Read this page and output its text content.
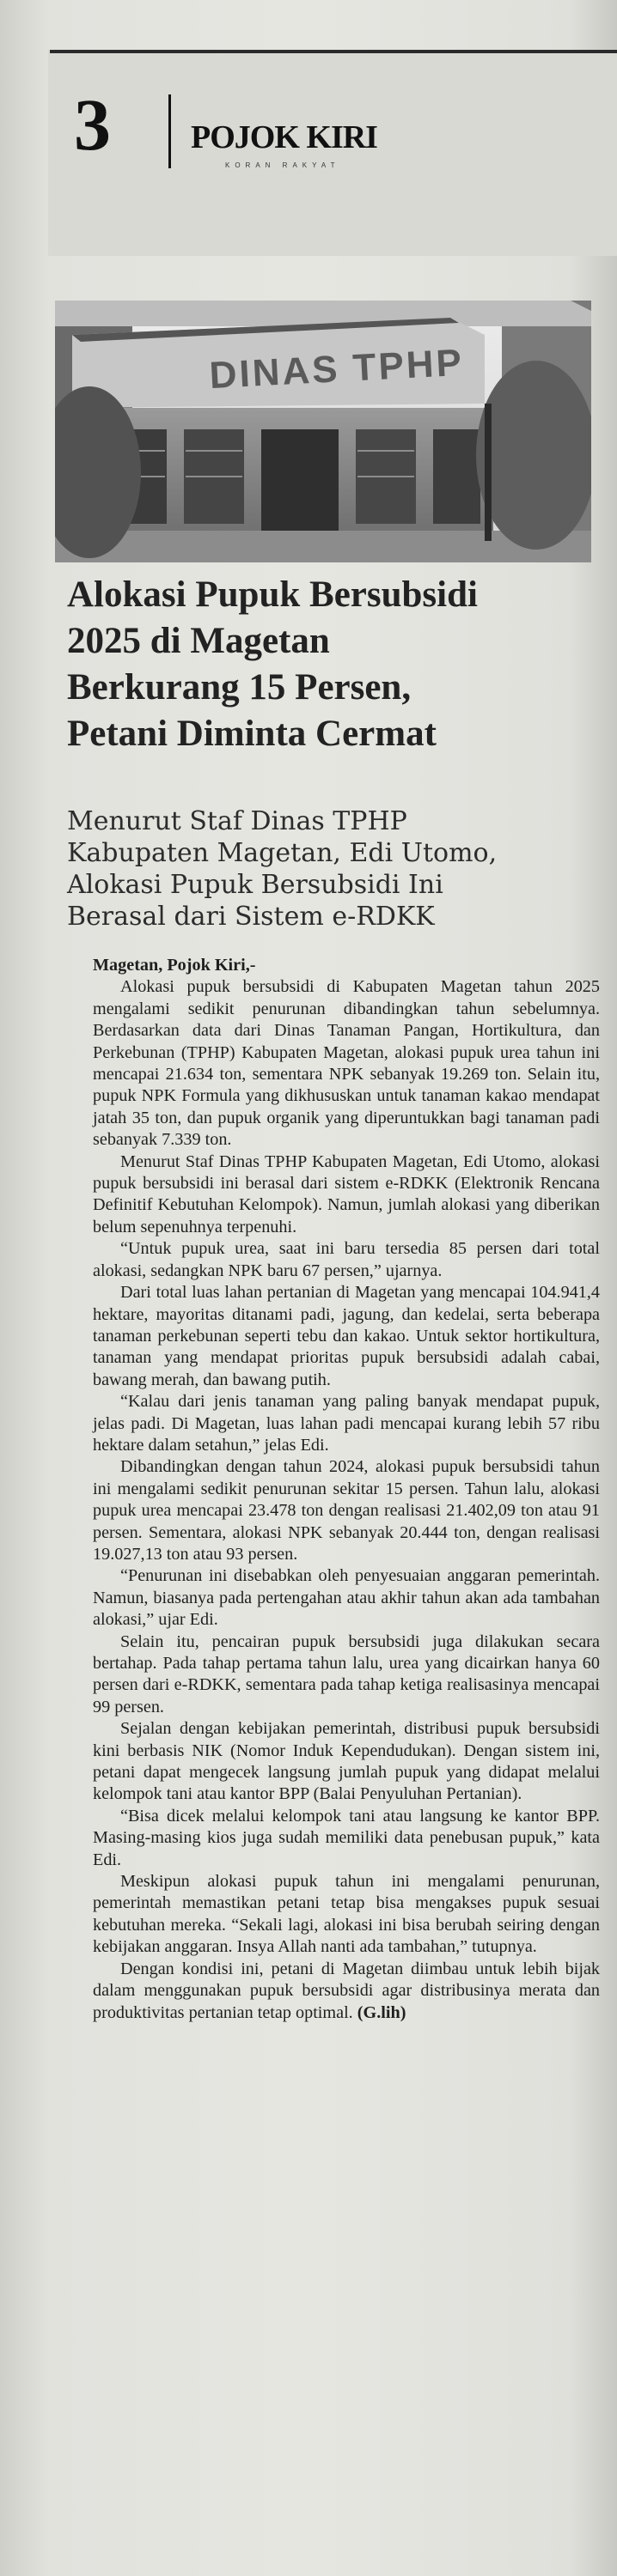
3 POJOK KIRI
KORAN RAKYAT
DINAS TPHP
Alokasi Pupuk Bersubsidi
2025 di Magetan
Berkurang 15 Persen,
Petani Diminta Cermat
Menurut Staf Dinas TPHP
Kabupaten Magetan, Edi Utomo,
Alokasi Pupuk Bersubsidi Ini
Berasal dari Sistem e-RDKK

Magetan, Pojok Kiri,-

Alokasi pupuk bersubsidi di Kabupaten Magetan tahun 2025 mengalami sedikit penurunan dibandingkan tahun sebelumnya. Berdasarkan data dari Dinas Tanaman Pangan, Hortikultura, dan Perkebunan (TPHP) Kabupaten Magetan, alokasi pupuk urea tahun ini mencapai 21.634 ton, sementara NPK sebanyak 19.269 ton. Selain itu, pupuk NPK Formula yang dikhususkan untuk tanaman kakao mendapat jatah 35 ton, dan pupuk organik yang diperuntukkan bagi tanaman padi sebanyak 7.339 ton.

Menurut Staf Dinas TPHP Kabupaten Magetan, Edi Utomo, alokasi pupuk bersubsidi ini berasal dari sistem e-RDKK (Elektronik Rencana Definitif Kebutuhan Kelompok). Namun, jumlah alokasi yang diberikan belum sepenuhnya terpenuhi.

“Untuk pupuk urea, saat ini baru tersedia 85 persen dari total alokasi, sedangkan NPK baru 67 persen,” ujarnya.

Dari total luas lahan pertanian di Magetan yang mencapai 104.941,4 hektare, mayoritas ditanami padi, jagung, dan kedelai, serta beberapa tanaman perkebunan seperti tebu dan kakao. Untuk sektor hortikultura, tanaman yang mendapat prioritas pupuk bersubsidi adalah cabai, bawang merah, dan bawang putih.

“Kalau dari jenis tanaman yang paling banyak mendapat pupuk, jelas padi. Di Magetan, luas lahan padi mencapai kurang lebih 57 ribu hektare dalam setahun,” jelas Edi.

Dibandingkan dengan tahun 2024, alokasi pupuk bersubsidi tahun ini mengalami sedikit penurunan sekitar 15 persen. Tahun lalu, alokasi pupuk urea mencapai 23.478 ton dengan realisasi 21.402,09 ton atau 91 persen. Sementara, alokasi NPK sebanyak 20.444 ton, dengan realisasi 19.027,13 ton atau 93 persen.

“Penurunan ini disebabkan oleh penyesuaian anggaran pemerintah. Namun, biasanya pada pertengahan atau akhir tahun akan ada tambahan alokasi,” ujar Edi.

Selain itu, pencairan pupuk bersubsidi juga dilakukan secara bertahap. Pada tahap pertama tahun lalu, urea yang dicairkan hanya 60 persen dari e-RDKK, sementara pada tahap ketiga realisasinya mencapai 99 persen.

Sejalan dengan kebijakan pemerintah, distribusi pupuk bersubsidi kini berbasis NIK (Nomor Induk Kependudukan). Dengan sistem ini, petani dapat mengecek langsung jumlah pupuk yang didapat melalui kelompok tani atau kantor BPP (Balai Penyuluhan Pertanian).

“Bisa dicek melalui kelompok tani atau langsung ke kantor BPP. Masing-masing kios juga sudah memiliki data penebusan pupuk,” kata Edi.

Meskipun alokasi pupuk tahun ini mengalami penurunan, pemerintah memastikan petani tetap bisa mengakses pupuk sesuai kebutuhan mereka. “Sekali lagi, alokasi ini bisa berubah seiring dengan kebijakan anggaran. Insya Allah nanti ada tambahan,” tutupnya.

Dengan kondisi ini, petani di Magetan diimbau untuk lebih bijak dalam menggunakan pupuk bersubsidi agar distribusinya merata dan produktivitas pertanian tetap optimal. (G.lih)
